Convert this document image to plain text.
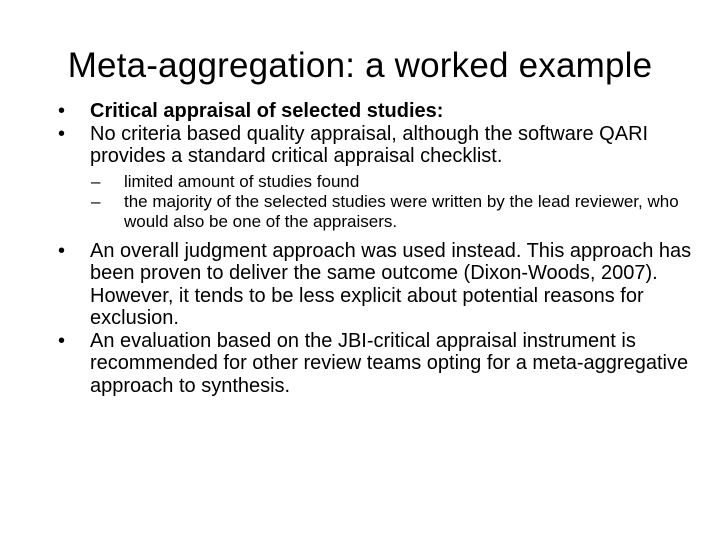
Meta-aggregation: a worked example
•	Critical appraisal of selected studies:
•	No criteria based quality appraisal, although the software QARI provides a standard critical appraisal checklist.
– limited amount of studies found
– the majority of the selected studies were written by the lead reviewer, who would also be one of the appraisers.
•	An overall judgment approach was used instead. This approach has been proven to deliver the same outcome (Dixon-Woods, 2007). However, it tends to be less explicit about potential reasons for exclusion.
•	An evaluation based on the JBI-critical appraisal instrument is recommended for other review teams opting for a meta-aggregative approach to synthesis.
